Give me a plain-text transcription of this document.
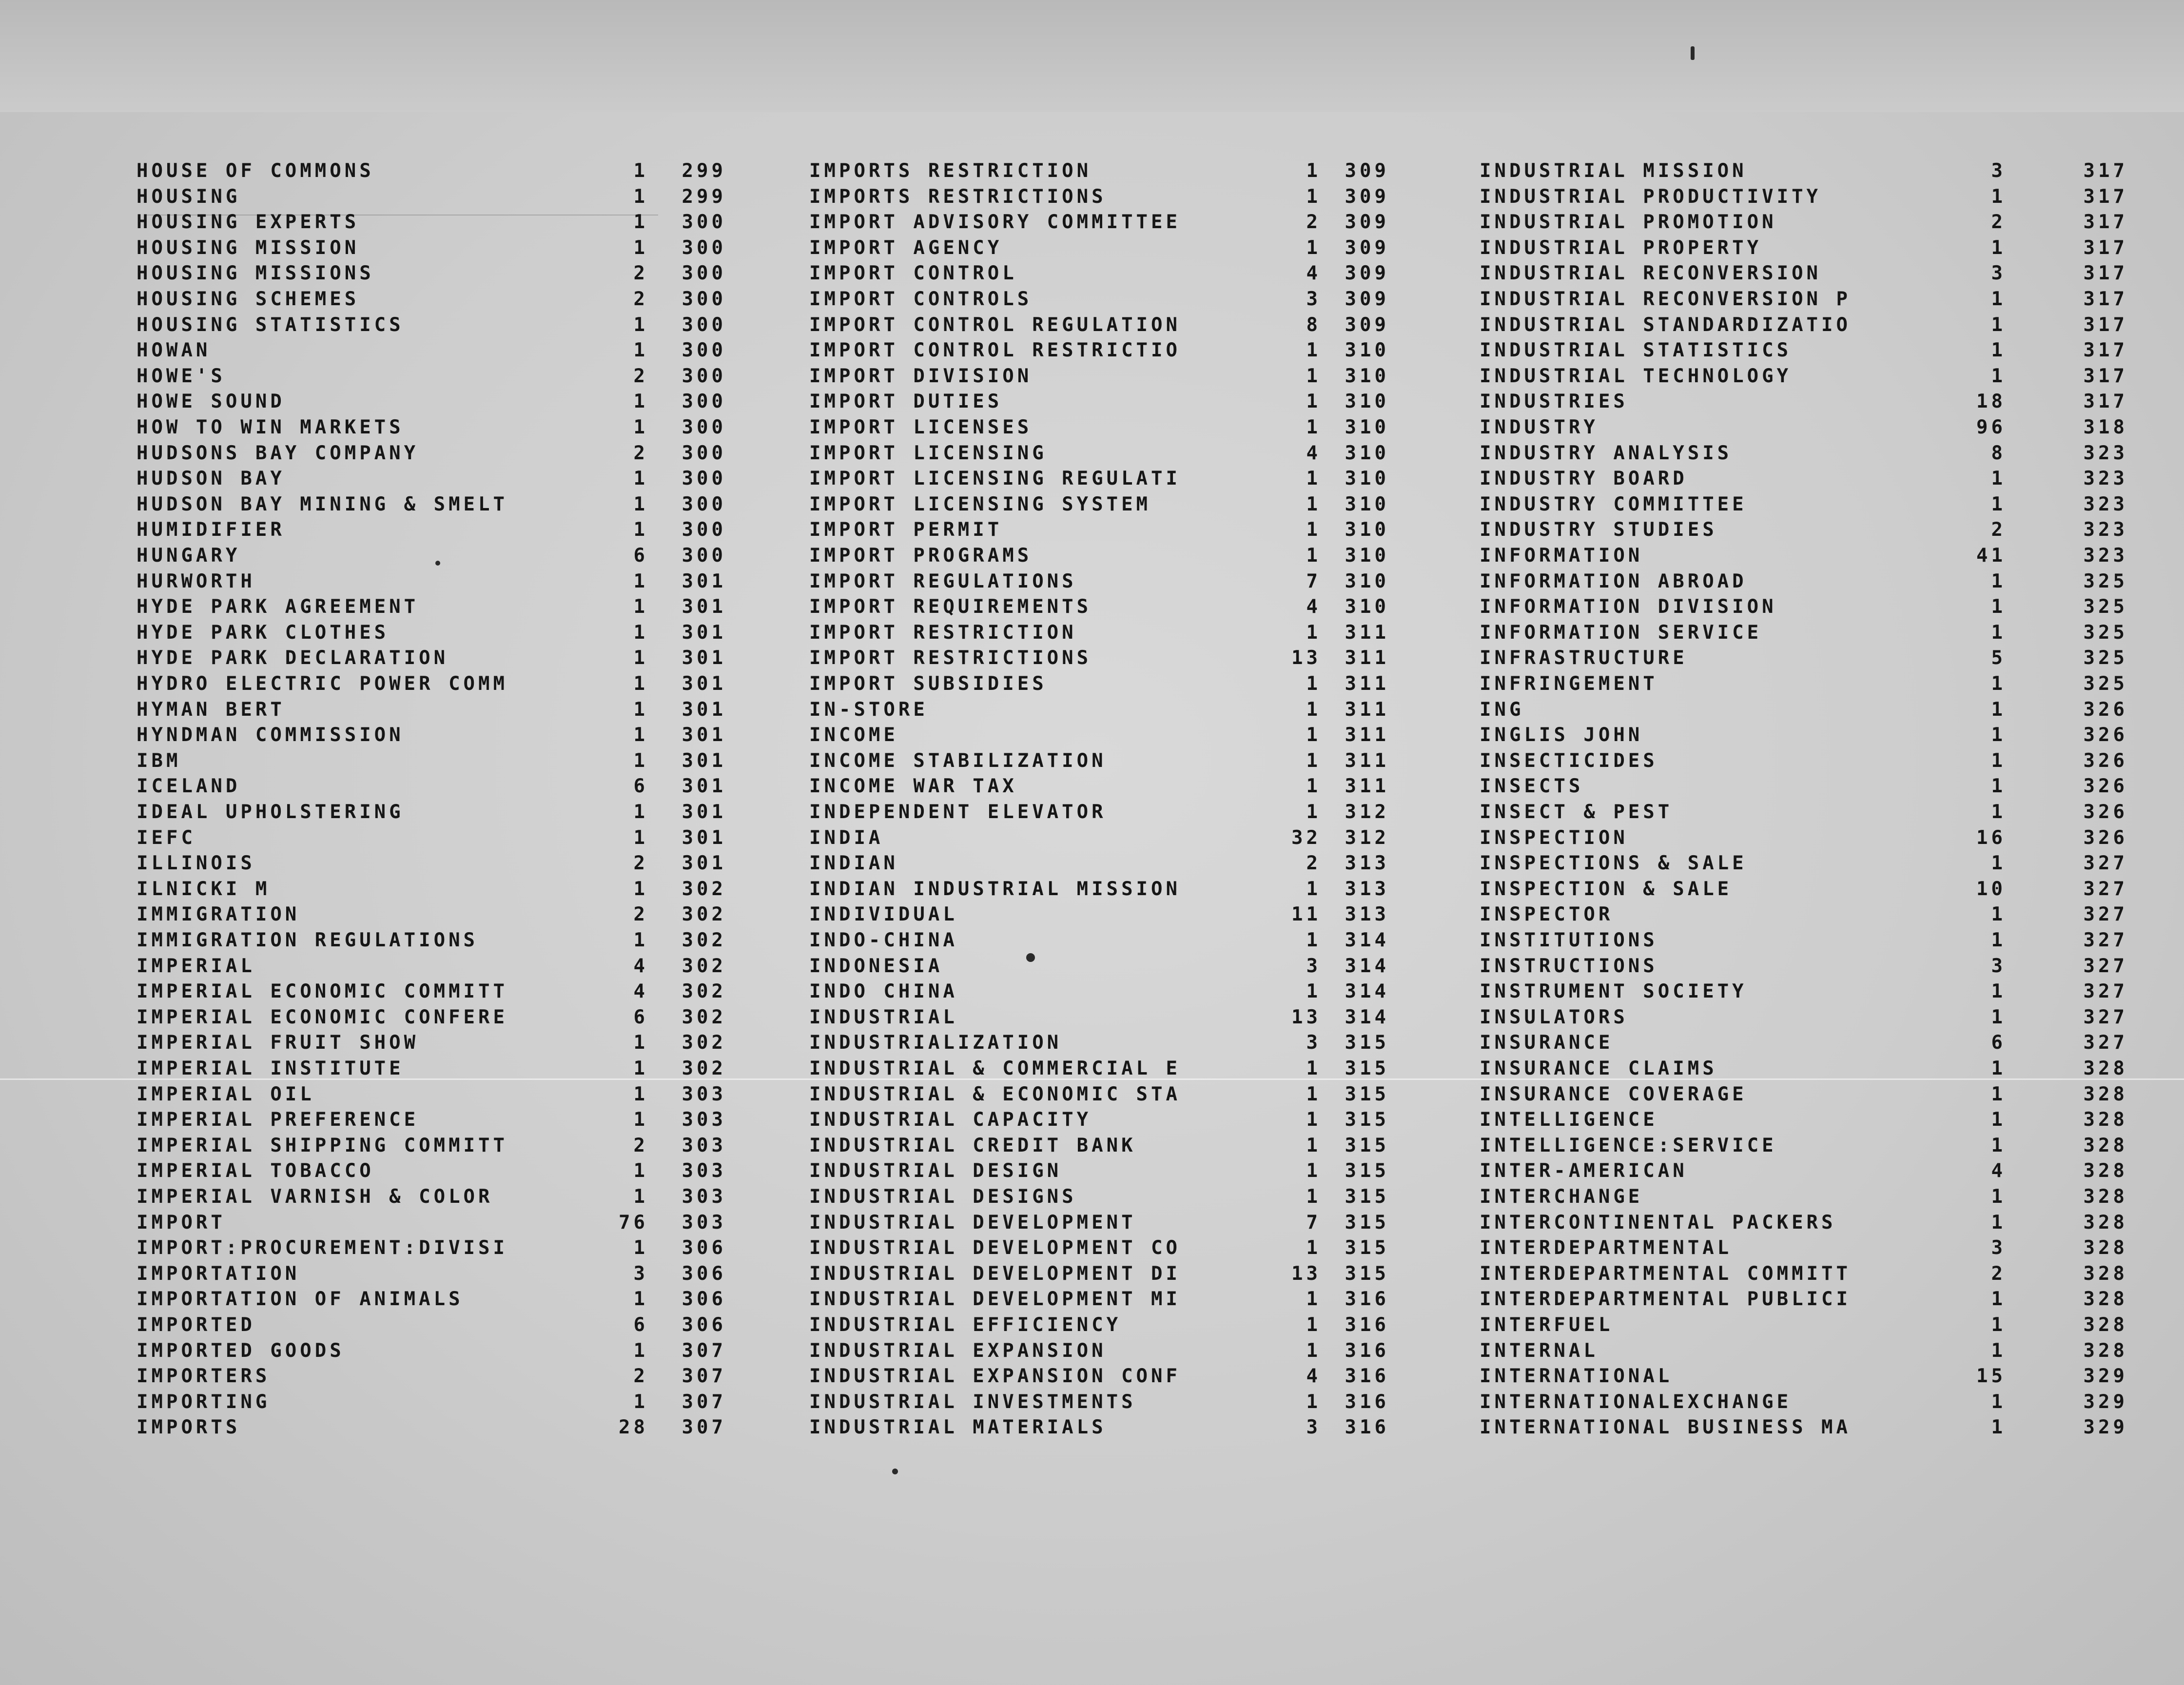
HOUSE OF COMMONS	1	299
HOUSING	1	299
HOUSING EXPERTS	1	300
HOUSING MISSION	1	300
HOUSING MISSIONS	2	300
HOUSING SCHEMES	2	300
HOUSING STATISTICS	1	300
HOWAN	1	300
HOWE'S	2	300
HOWE SOUND	1	300
HOW TO WIN MARKETS	1	300
HUDSONS BAY COMPANY	2	300
HUDSON BAY	1	300
HUDSON BAY MINING & SMELT	1	300
HUMIDIFIER	1	300
HUNGARY	6	300
HURWORTH	1	301
HYDE PARK AGREEMENT	1	301
HYDE PARK CLOTHES	1	301
HYDE PARK DECLARATION	1	301
HYDRO ELECTRIC POWER COMM	1	301
HYMAN BERT	1	301
HYNDMAN COMMISSION	1	301
IBM	1	301
ICELAND	6	301
IDEAL UPHOLSTERING	1	301
IEFC	1	301
ILLINOIS	2	301
ILNICKI M	1	302
IMMIGRATION	2	302
IMMIGRATION REGULATIONS	1	302
IMPERIAL	4	302
IMPERIAL ECONOMIC COMMITT	4	302
IMPERIAL ECONOMIC CONFERE	6	302
IMPERIAL FRUIT SHOW	1	302
IMPERIAL INSTITUTE	1	302
IMPERIAL OIL	1	303
IMPERIAL PREFERENCE	1	303
IMPERIAL SHIPPING COMMITT	2	303
IMPERIAL TOBACCO	1	303
IMPERIAL VARNISH & COLOR	1	303
IMPORT	76	303
IMPORT:PROCUREMENT:DIVISI	1	306
IMPORTATION	3	306
IMPORTATION OF ANIMALS	1	306
IMPORTED	6	306
IMPORTED GOODS	1	307
IMPORTERS	2	307
IMPORTING	1	307
IMPORTS	28	307
IMPORTS RESTRICTION	1	309
IMPORTS RESTRICTIONS	1	309
IMPORT ADVISORY COMMITTEE	2	309
IMPORT AGENCY	1	309
IMPORT CONTROL	4	309
IMPORT CONTROLS	3	309
IMPORT CONTROL REGULATION	8	309
IMPORT CONTROL RESTRICTIO	1	310
IMPORT DIVISION	1	310
IMPORT DUTIES	1	310
IMPORT LICENSES	1	310
IMPORT LICENSING	4	310
IMPORT LICENSING REGULATI	1	310
IMPORT LICENSING SYSTEM	1	310
IMPORT PERMIT	1	310
IMPORT PROGRAMS	1	310
IMPORT REGULATIONS	7	310
IMPORT REQUIREMENTS	4	310
IMPORT RESTRICTION	1	311
IMPORT RESTRICTIONS	13	311
IMPORT SUBSIDIES	1	311
IN-STORE	1	311
INCOME	1	311
INCOME STABILIZATION	1	311
INCOME WAR TAX	1	311
INDEPENDENT ELEVATOR	1	312
INDIA	32	312
INDIAN	2	313
INDIAN INDUSTRIAL MISSION	1	313
INDIVIDUAL	11	313
INDO-CHINA	1	314
INDONESIA	3	314
INDO CHINA	1	314
INDUSTRIAL	13	314
INDUSTRIALIZATION	3	315
INDUSTRIAL & COMMERCIAL E	1	315
INDUSTRIAL & ECONOMIC STA	1	315
INDUSTRIAL CAPACITY	1	315
INDUSTRIAL CREDIT BANK	1	315
INDUSTRIAL DESIGN	1	315
INDUSTRIAL DESIGNS	1	315
INDUSTRIAL DEVELOPMENT	7	315
INDUSTRIAL DEVELOPMENT CO	1	315
INDUSTRIAL DEVELOPMENT DI	13	315
INDUSTRIAL DEVELOPMENT MI	1	316
INDUSTRIAL EFFICIENCY	1	316
INDUSTRIAL EXPANSION	1	316
INDUSTRIAL EXPANSION CONF	4	316
INDUSTRIAL INVESTMENTS	1	316
INDUSTRIAL MATERIALS	3	316
INDUSTRIAL MISSION	3	317
INDUSTRIAL PRODUCTIVITY	1	317
INDUSTRIAL PROMOTION	2	317
INDUSTRIAL PROPERTY	1	317
INDUSTRIAL RECONVERSION	3	317
INDUSTRIAL RECONVERSION P	1	317
INDUSTRIAL STANDARDIZATIO	1	317
INDUSTRIAL STATISTICS	1	317
INDUSTRIAL TECHNOLOGY	1	317
INDUSTRIES	18	317
INDUSTRY	96	318
INDUSTRY ANALYSIS	8	323
INDUSTRY BOARD	1	323
INDUSTRY COMMITTEE	1	323
INDUSTRY STUDIES	2	323
INFORMATION	41	323
INFORMATION ABROAD	1	325
INFORMATION DIVISION	1	325
INFORMATION SERVICE	1	325
INFRASTRUCTURE	5	325
INFRINGEMENT	1	325
ING	1	326
INGLIS JOHN	1	326
INSECTICIDES	1	326
INSECTS	1	326
INSECT & PEST	1	326
INSPECTION	16	326
INSPECTIONS & SALE	1	327
INSPECTION & SALE	10	327
INSPECTOR	1	327
INSTITUTIONS	1	327
INSTRUCTIONS	3	327
INSTRUMENT SOCIETY	1	327
INSULATORS	1	327
INSURANCE	6	327
INSURANCE CLAIMS	1	328
INSURANCE COVERAGE	1	328
INTELLIGENCE	1	328
INTELLIGENCE:SERVICE	1	328
INTER-AMERICAN	4	328
INTERCHANGE	1	328
INTERCONTINENTAL PACKERS	1	328
INTERDEPARTMENTAL	3	328
INTERDEPARTMENTAL COMMITT	2	328
INTERDEPARTMENTAL PUBLICI	1	328
INTERFUEL	1	328
INTERNAL	1	328
INTERNATIONAL	15	329
INTERNATIONALEXCHANGE	1	329
INTERNATIONAL BUSINESS MA	1	329
